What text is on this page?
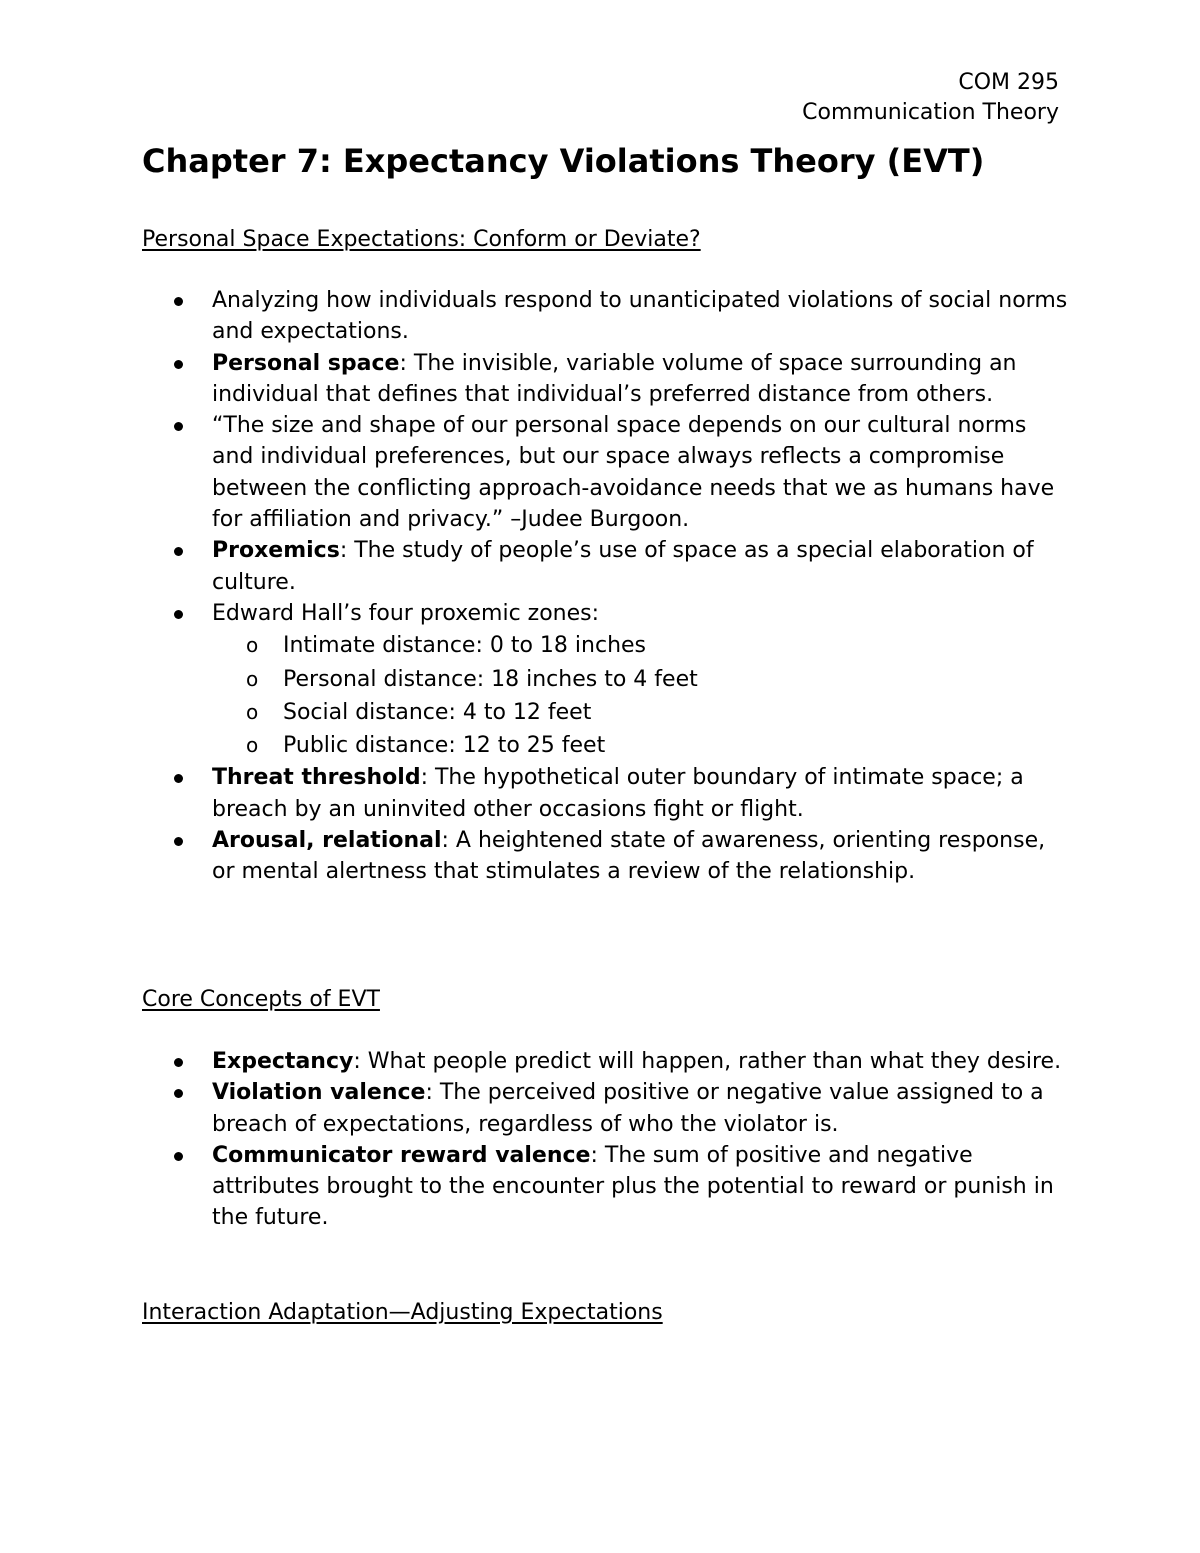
COM 295
Communication Theory
Chapter 7: Expectancy Violations Theory (EVT)
Personal Space Expectations: Conform or Deviate?
Analyzing how individuals respond to unanticipated violations of social norms and expectations.
Personal space: The invisible, variable volume of space surrounding an individual that defines that individual’s preferred distance from others.
“The size and shape of our personal space depends on our cultural norms and individual preferences, but our space always reflects a compromise between the conflicting approach-avoidance needs that we as humans have for affiliation and privacy.” –Judee Burgoon.
Proxemics: The study of people’s use of space as a special elaboration of culture.
Edward Hall’s four proxemic zones:
o Intimate distance: 0 to 18 inches
o Personal distance: 18 inches to 4 feet
o Social distance: 4 to 12 feet
o Public distance: 12 to 25 feet
Threat threshold: The hypothetical outer boundary of intimate space; a breach by an uninvited other occasions fight or flight.
Arousal, relational: A heightened state of awareness, orienting response, or mental alertness that stimulates a review of the relationship.
Core Concepts of EVT
Expectancy: What people predict will happen, rather than what they desire.
Violation valence: The perceived positive or negative value assigned to a breach of expectations, regardless of who the violator is.
Communicator reward valence: The sum of positive and negative attributes brought to the encounter plus the potential to reward or punish in the future.
Interaction Adaptation—Adjusting Expectations
